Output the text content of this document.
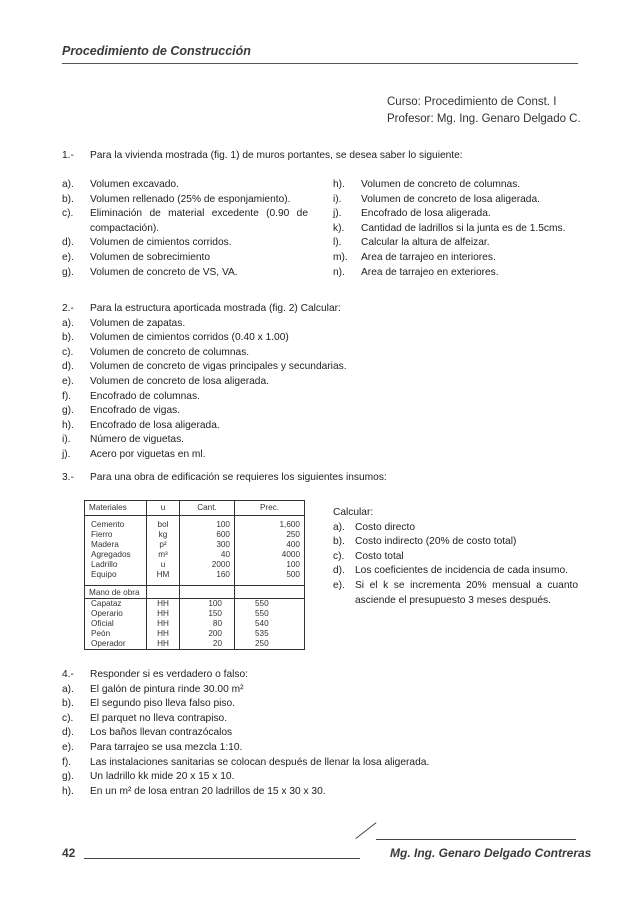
Procedimiento de Construcción
Curso: Procedimiento de Const. I
Profesor: Mg. Ing. Genaro Delgado C.
1.-	Para la vivienda mostrada (fig. 1) de muros portantes, se desea saber lo siguiente:
a).	Volumen excavado.
b).	Volumen rellenado (25% de esponjamiento).
c).	Eliminación de material excedente (0.90 de compactación).
d).	Volumen de cimientos corridos.
e).	Volumen de sobrecimiento
g).	Volumen de concreto de VS, VA.
h).	Volumen de concreto de columnas.
i).	Volumen de concreto de losa aligerada.
j).	Encofrado de losa aligerada.
k).	Cantidad de ladrillos si la junta es de 1.5cms.
l).	Calcular la altura de alfeizar.
m).	Area de tarrajeo en interiores.
n).	Area de tarrajeo en exteriores.
2.-	Para la estructura aporticada mostrada (fig. 2) Calcular:
a).	Volumen de zapatas.
b).	Volumen de cimientos corridos (0.40 x 1.00)
c).	Volumen de concreto de columnas.
d).	Volumen de concreto de vigas principales y secundarias.
e).	Volumen de concreto de losa aligerada.
f).	Encofrado de columnas.
g).	Encofrado de vigas.
h).	Encofrado de losa aligerada.
i).	Número de viguetas.
j).	Acero por viguetas en ml.
3.-	Para una obra de edificación se requieres los siguientes insumos:
Materiales	u	Cant.	Prec.
Cemento	bol	100	1,600
Fierro	kg	600	250
Madera	p²	300	400
Agregados	m³	40	4000
Ladrillo	u	2000	100
Equipo	HM	160	500
Mano de obra			
Capataz	HH	100	550
Operario	HH	150	550
Oficial	HH	80	540
Peón	HH	200	535
Operador	HH	20	250
Calcular:
a). Costo directo
b). Costo indirecto (20% de costo total)
c).	Costo total
d). Los coeficientes de incidencia de cada insumo.
e). Si el k se incrementa 20% mensual a cuanto asciende el presupuesto 3 meses después.
4.-	Responder si es verdadero o falso:
a).	El galón de pintura rinde 30.00 m²
b).	El segundo piso lleva falso piso.
c).	El parquet no lleva contrapiso.
d).	Los baños llevan contrazócalos
e).	Para tarrajeo se usa mezcla 1:10.
f).	Las instalaciones sanitarias se colocan después de llenar la losa aligerada.
g).	Un ladrillo kk mide 20 x 15 x 10.
h).	En un m² de losa entran 20 ladrillos de 15 x 30 x 30.
42	Mg. Ing. Genaro Delgado Contreras
